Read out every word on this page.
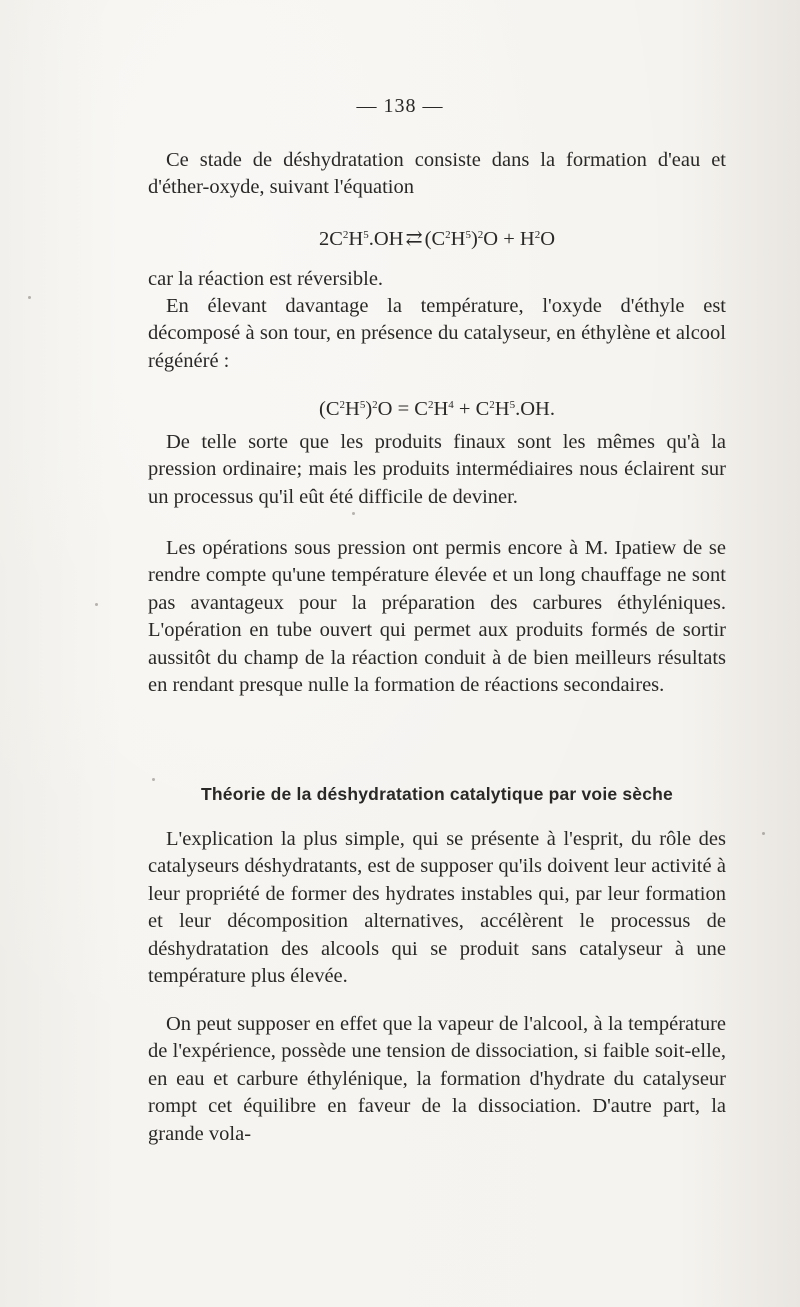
— 138 —

Ce stade de déshydratation consiste dans la formation d'eau et d'éther-oxyde, suivant l'équation

$2C^2H^5.OH⇄(C^2H^5)^2O + H^2O$

car la réaction est réversible.

En élevant davantage la température, l'oxyde d'éthyle est décomposé à son tour, en présence du catalyseur, en éthylène et alcool régénéré :

$(C^2H^5)^2O = C^2H^4 + C^2H^5.OH$.

De telle sorte que les produits finaux sont les mêmes qu'à la pression ordinaire; mais les produits intermédiaires nous éclairent sur un processus qu'il eût été difficile de deviner.

Les opérations sous pression ont permis encore à M. Ipatiew de se rendre compte qu'une température élevée et un long chauffage ne sont pas avantageux pour la préparation des carbures éthyléniques. L'opération en tube ouvert qui permet aux produits formés de sortir aussitôt du champ de la réaction conduit à de bien meilleurs résultats en rendant presque nulle la formation de réactions secondaires.

Théorie de la déshydratation catalytique par voie sèche

L'explication la plus simple, qui se présente à l'esprit, du rôle des catalyseurs déshydratants, est de supposer qu'ils doivent leur activité à leur propriété de former des hydrates instables qui, par leur formation et leur décomposition alternatives, accélèrent le processus de déshydratation des alcools qui se produit sans catalyseur à une température plus élevée.

On peut supposer en effet que la vapeur de l'alcool, à la température de l'expérience, possède une tension de dissociation, si faible soit-elle, en eau et carbure éthylénique, la formation d'hydrate du catalyseur rompt cet équilibre en faveur de la dissociation. D'autre part, la grande vola-
